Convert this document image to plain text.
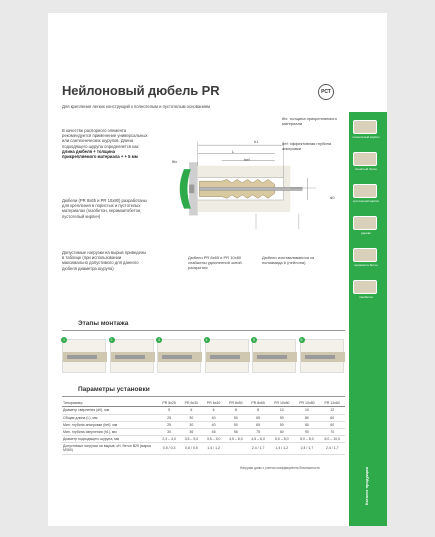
Нейлоновый дюбель PR
Для крепления легких конструкций к полнотелым и пустотелым основаниям
РСТ
полнотелый кирпич
ячеистый бетон
пустотелый кирпич
дерево
керамзито-бетон
газобетон
Каталог продукции
В качестве распорного элемента рекомендуется применение универсальных или сантехнических шурупов. Длина подходящего шурупа определяется как: длина дюбеля + толщина прикрепляемого материала + + 5 мм
Дюбели (PR 8х65 и PR 10х80) разработаны для крепления в пористых и пустотелых материалах (газобетон, керамзитобетон, пустотелый кирпич)
Допустимые нагрузки на вырыв приведены в таблице (при использовании максимально допустимого для данного дюбеля диаметра шурупа)
h1
L
hef
tfix
d0
tfix: толщина прикрепляемого материала
hef: эффективная глубина анкеровки
Дюбели PR 8х65 и PR 10х80 снабжены удлиненной зоной раскрытия
Дюбели изготавливаются из полиамида 6 (нейлона)
Этапы монтажа
1	2	3	4	5	6
Параметры установки
Типоразмер	PR 5х25	PR 6х30	PR 6х40	PR 8х50	PR 8х65	PR 10х50	PR 10х80	PR 12х60
Диаметр сверления (d0), мм	5	6	6	8	8	10	10	12
Общая длина (L), мм	25	30	40	50	65	50	80	60
Мин. глубина анкеровки (hef), мм	25	30	40	50	65	50	80	60
Мин. глубина сверления (h1), мм	30	36	46	56	75	60	90	70
Диаметр подходящего шурупа, мм	2,3 – 4,0	3,5 – 5,0	3,5 – 5,0	4,5 – 6,0	4,5 – 6,0	5,0 – 8,0	5,0 – 8,0	6,0 – 10,0
Допустимые нагрузки на вырыв, кН, бетон В25 (марка М350)	0,5 / 0,3	0,6 / 0,5	1,4 / 1,2		2,4 / 1,7	1,4 / 1,2	2,4 / 1,7	2,4 / 1,7
Нагрузки даны с учетом коэффициента безопасности
